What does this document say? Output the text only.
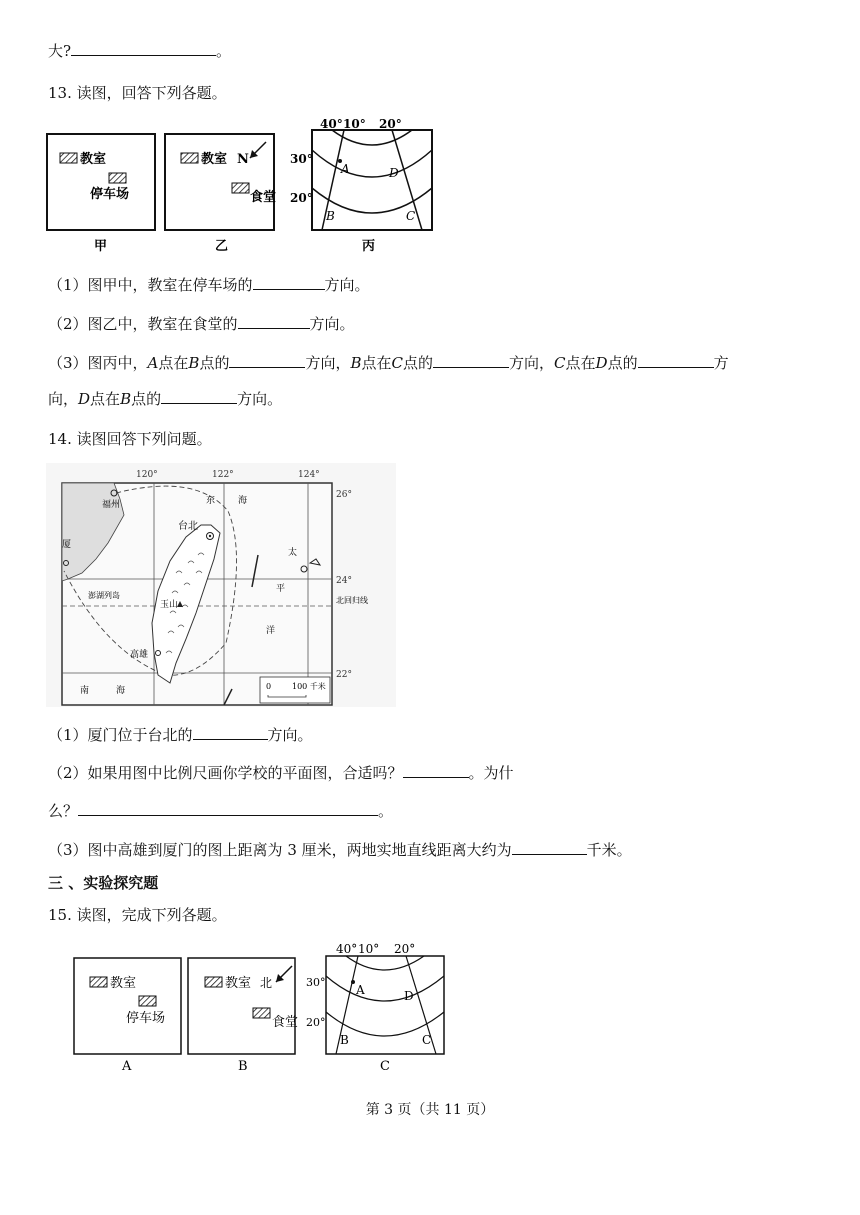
大?	。
13. 读图，回答下列各题。
教室
停车场
甲
教室 N
食堂
乙
40° 10° 20°
30°
20°
A
B	C
D
丙
（1）图甲中，教室在停车场的	方向。
（2）图乙中，教室在食堂的	方向。
（3）图丙中，A点在B点的	方向，B点在C点的	方向，C点在D点的	方
向，D点在B点的	方向。
14. 读图回答下列问题。
120°	122°	124°
26°
24°
22°
福州
厦
台北
澎湖列岛
玉山
高雄
北回归线
东	海
太
平
洋
南	海	0	100 千米
（1）厦门位于台北的	方向。
（2）如果用图中比例尺画你学校的平面图，合适吗？	。为什
么？	。
（3）图中高雄到厦门的图上距离为 3 厘米，两地实地直线距离大约为	千米。
三 、实验探究题
15. 读图，完成下列各题。
教室
停车场
A
教室 北
食堂
B
40° 10° 20°
30°
20°
A
B	C
D
C
第 3 页（共 11 页）
